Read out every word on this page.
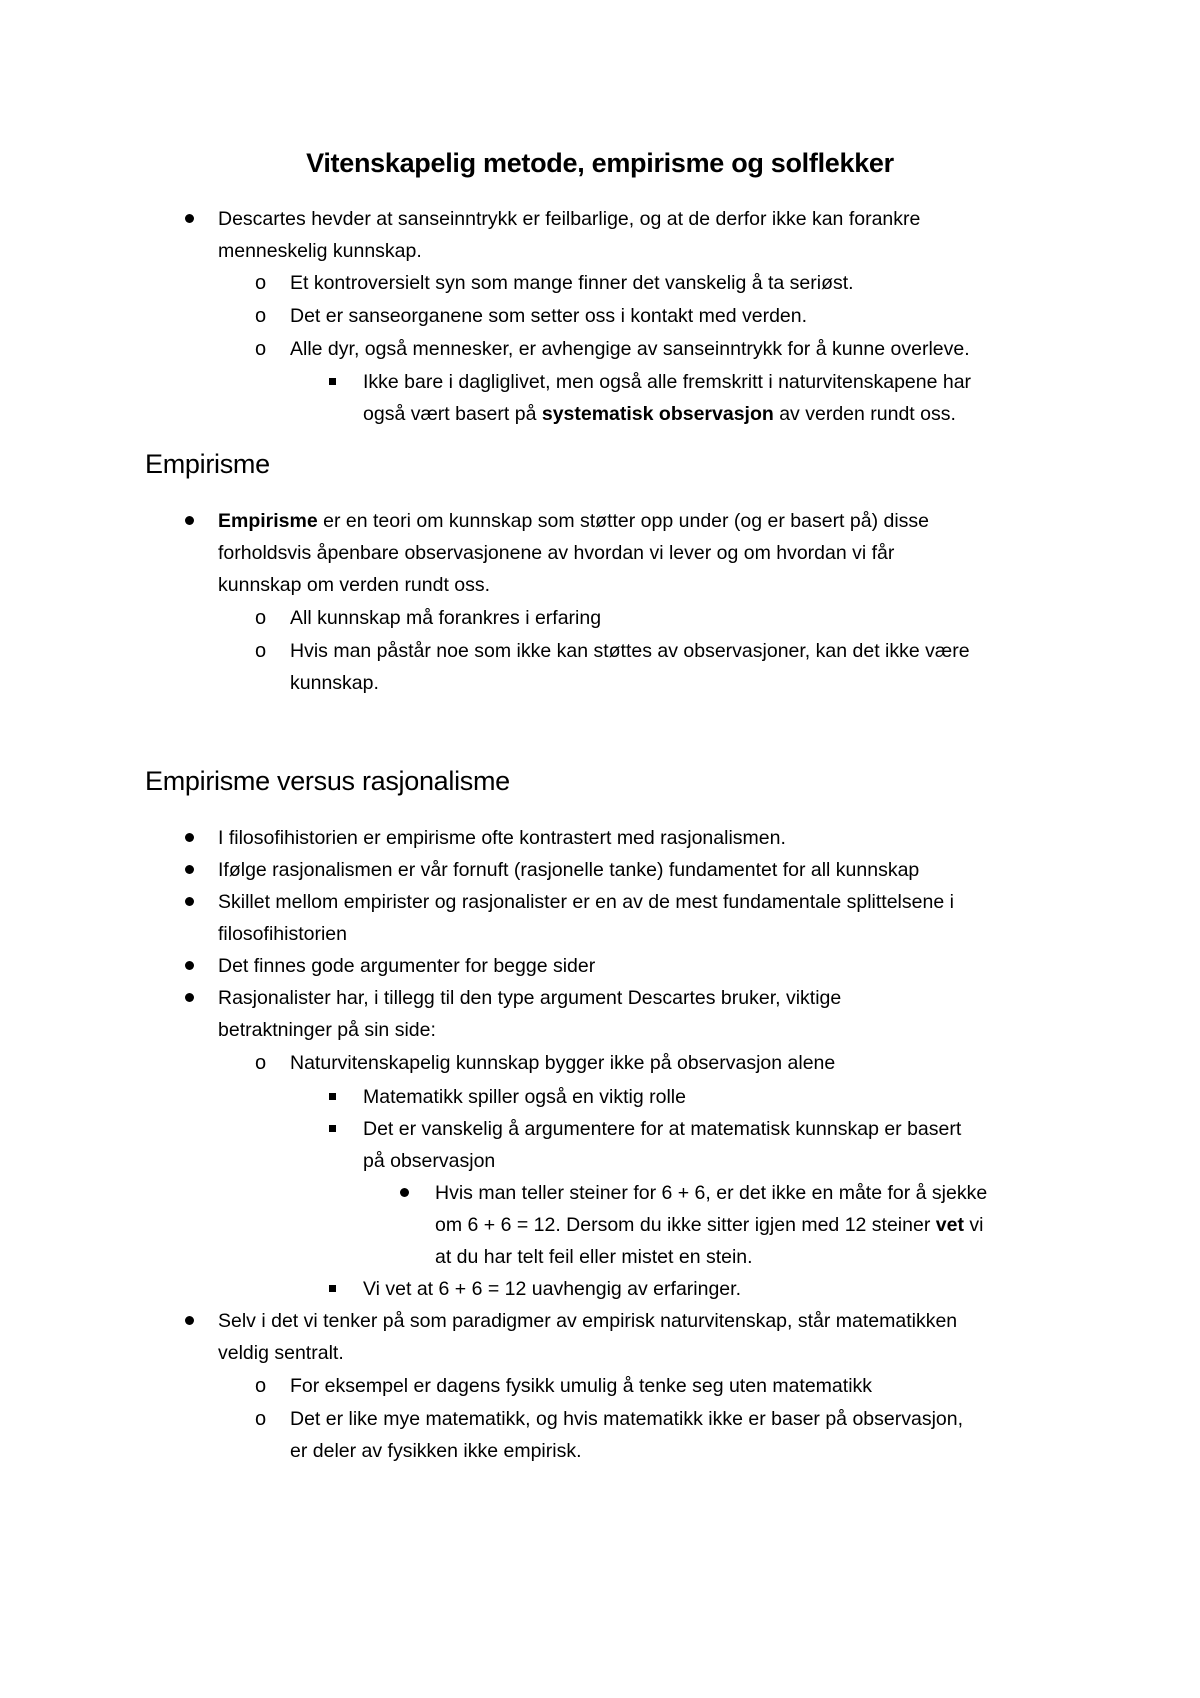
Vitenskapelig metode, empirisme og solflekker
Descartes hevder at sanseinntrykk er feilbarlige, og at de derfor ikke kan forankre
menneskelig kunnskap.
o Et kontroversielt syn som mange finner det vanskelig å ta seriøst.
o Det er sanseorganene som setter oss i kontakt med verden.
o Alle dyr, også mennesker, er avhengige av sanseinntrykk for å kunne overleve.
Ikke bare i dagliglivet, men også alle fremskritt i naturvitenskapene har
også vært basert på systematisk observasjon av verden rundt oss.
Empirisme
Empirisme er en teori om kunnskap som støtter opp under (og er basert på) disse
forholdsvis åpenbare observasjonene av hvordan vi lever og om hvordan vi får
kunnskap om verden rundt oss.
o All kunnskap må forankres i erfaring
o Hvis man påstår noe som ikke kan støttes av observasjoner, kan det ikke være
kunnskap.
Empirisme versus rasjonalisme
I filosofihistorien er empirisme ofte kontrastert med rasjonalismen.
Ifølge rasjonalismen er vår fornuft (rasjonelle tanke) fundamentet for all kunnskap
Skillet mellom empirister og rasjonalister er en av de mest fundamentale splittelsene i
filosofihistorien
Det finnes gode argumenter for begge sider
Rasjonalister har, i tillegg til den type argument Descartes bruker, viktige
betraktninger på sin side:
o Naturvitenskapelig kunnskap bygger ikke på observasjon alene
Matematikk spiller også en viktig rolle
Det er vanskelig å argumentere for at matematisk kunnskap er basert
på observasjon
Hvis man teller steiner for 6 + 6, er det ikke en måte for å sjekke
om 6 + 6 = 12. Dersom du ikke sitter igjen med 12 steiner vet vi
at du har telt feil eller mistet en stein.
Vi vet at 6 + 6 = 12 uavhengig av erfaringer.
Selv i det vi tenker på som paradigmer av empirisk naturvitenskap, står matematikken
veldig sentralt.
o For eksempel er dagens fysikk umulig å tenke seg uten matematikk
o Det er like mye matematikk, og hvis matematikk ikke er baser på observasjon,
er deler av fysikken ikke empirisk.
